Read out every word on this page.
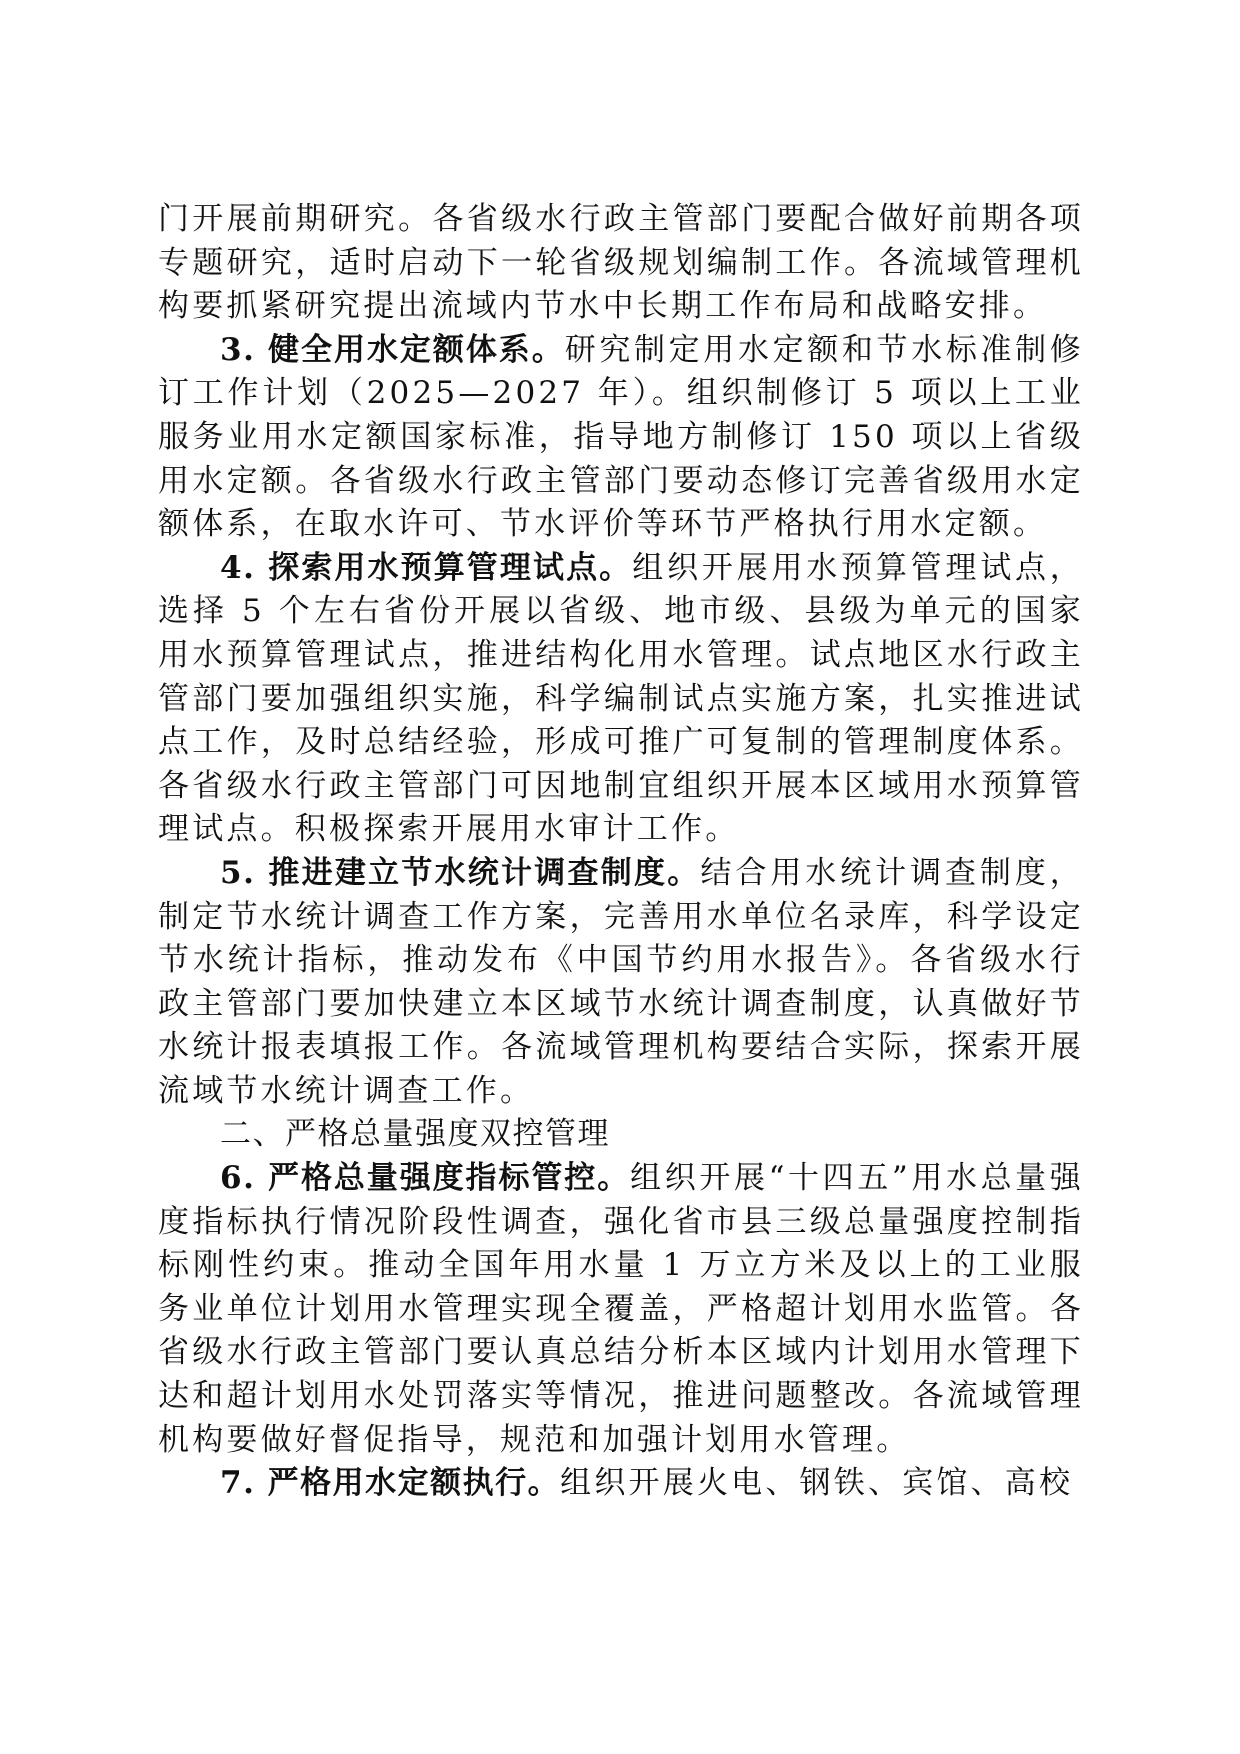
门开展前期研究。各省级水行政主管部门要配合做好前期各项专题研究，适时启动下一轮省级规划编制工作。各流域管理机构要抓紧研究提出流域内节水中长期工作布局和战略安排。

3. 健全用水定额体系。研究制定用水定额和节水标准制修订工作计划（2025—2027 年）。组织制修订 5 项以上工业服务业用水定额国家标准，指导地方制修订 150 项以上省级用水定额。各省级水行政主管部门要动态修订完善省级用水定额体系，在取水许可、节水评价等环节严格执行用水定额。

4. 探索用水预算管理试点。组织开展用水预算管理试点，选择 5 个左右省份开展以省级、地市级、县级为单元的国家用水预算管理试点，推进结构化用水管理。试点地区水行政主管部门要加强组织实施，科学编制试点实施方案，扎实推进试点工作，及时总结经验，形成可推广可复制的管理制度体系。各省级水行政主管部门可因地制宜组织开展本区域用水预算管理试点。积极探索开展用水审计工作。

5. 推进建立节水统计调查制度。结合用水统计调查制度，制定节水统计调查工作方案，完善用水单位名录库，科学设定节水统计指标，推动发布《中国节约用水报告》。各省级水行政主管部门要加快建立本区域节水统计调查制度，认真做好节水统计报表填报工作。各流域管理机构要结合实际，探索开展流域节水统计调查工作。

二、严格总量强度双控管理

6. 严格总量强度指标管控。组织开展“十四五”用水总量强度指标执行情况阶段性调查，强化省市县三级总量强度控制指标刚性约束。推动全国年用水量 1 万立方米及以上的工业服务业单位计划用水管理实现全覆盖，严格超计划用水监管。各省级水行政主管部门要认真总结分析本区域内计划用水管理下达和超计划用水处罚落实等情况，推进问题整改。各流域管理机构要做好督促指导，规范和加强计划用水管理。

7. 严格用水定额执行。组织开展火电、钢铁、宾馆、高校
